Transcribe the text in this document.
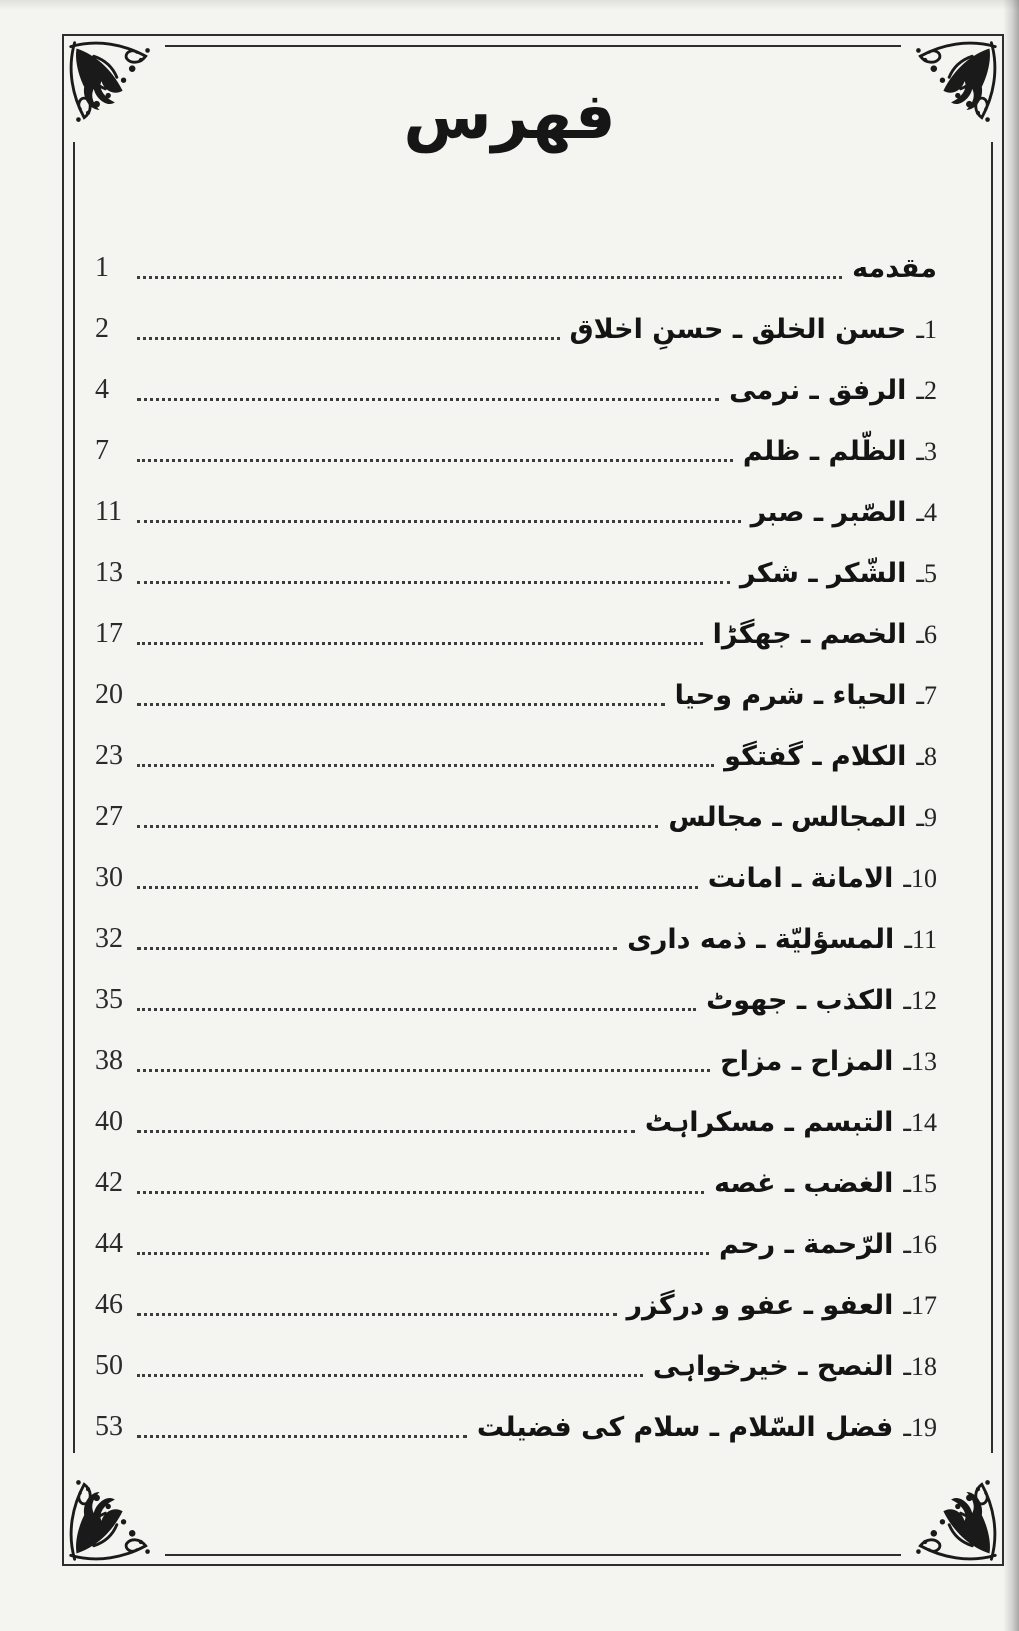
فهرس
مقدمه
1
1ـ
حسن الخلق ـ حسنِ اخلاق
2
2ـ
الرفق ـ نرمی
4
3ـ
الظّلم ـ ظلم
7
4ـ
الصّبر ـ صبر
11
5ـ
الشّكر ـ شكر
13
6ـ
الخصم ـ جھگڑا
17
7ـ
الحياء ـ شرم وحیا
20
8ـ
الكلام ـ گفتگو
23
9ـ
المجالس ـ مجالس
27
10ـ
الامانة ـ امانت
30
11ـ
المسؤليّة ـ ذمه داری
32
12ـ
الكذب ـ جھوٹ
35
13ـ
المزاح ـ مزاح
38
14ـ
التبسم ـ مسکراہٹ
40
15ـ
الغضب ـ غصه
42
16ـ
الرّحمة ـ رحم
44
17ـ
العفو ـ عفو و درگزر
46
18ـ
النصح ـ خیرخواہی
50
19ـ
فضل السّلام ـ سلام کی فضیلت
53
